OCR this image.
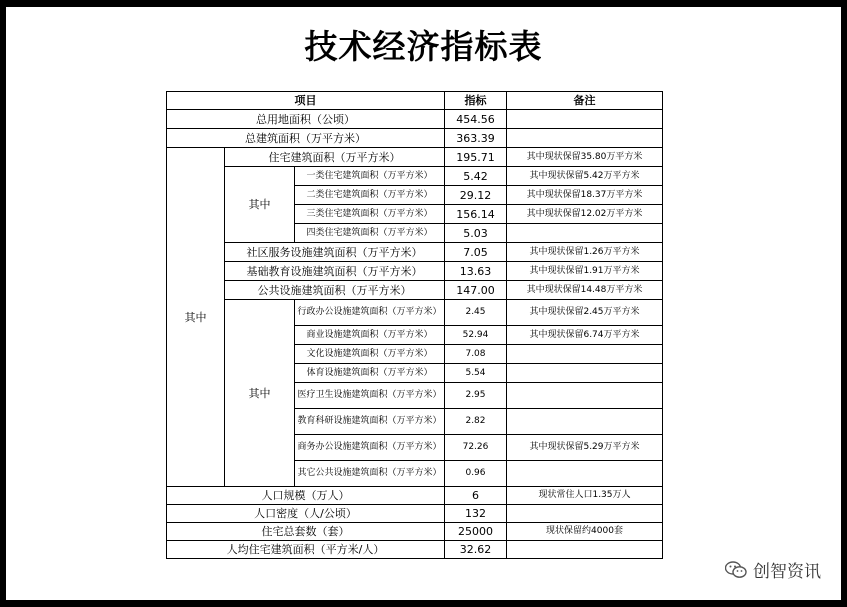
技术经济指标表
项目			指标	备注
总用地面积（公顷）			454.56	
总建筑面积（万平方米）			363.39	
其中	住宅建筑面积（万平方米）		195.71	其中现状保留35.80万平方米
	其中	一类住宅建筑面积（万平方米）	5.42	其中现状保留5.42万平方米
		二类住宅建筑面积（万平方米）	29.12	其中现状保留18.37万平方米
		三类住宅建筑面积（万平方米）	156.14	其中现状保留12.02万平方米
		四类住宅建筑面积（万平方米）	5.03	
	社区服务设施建筑面积（万平方米）		7.05	其中现状保留1.26万平方米
	基础教育设施建筑面积（万平方米）		13.63	其中现状保留1.91万平方米
	公共设施建筑面积（万平方米）		147.00	其中现状保留14.48万平方米
	其中	行政办公设施建筑面积（万平方米）	2.45	其中现状保留2.45万平方米
		商业设施建筑面积（万平方米）	52.94	其中现状保留6.74万平方米
		文化设施建筑面积（万平方米）	7.08	
		体育设施建筑面积（万平方米）	5.54	
		医疗卫生设施建筑面积（万平方米）	2.95	
		教育科研设施建筑面积（万平方米）	2.82	
		商务办公设施建筑面积（万平方米）	72.26	其中现状保留5.29万平方米
		其它公共设施建筑面积（万平方米）	0.96	
人口规模（万人）			6	现状常住人口1.35万人
人口密度（人/公顷）			132	
住宅总套数（套）			25000	现状保留约4000套
人均住宅建筑面积（平方米/人）			32.62	
创智资讯
